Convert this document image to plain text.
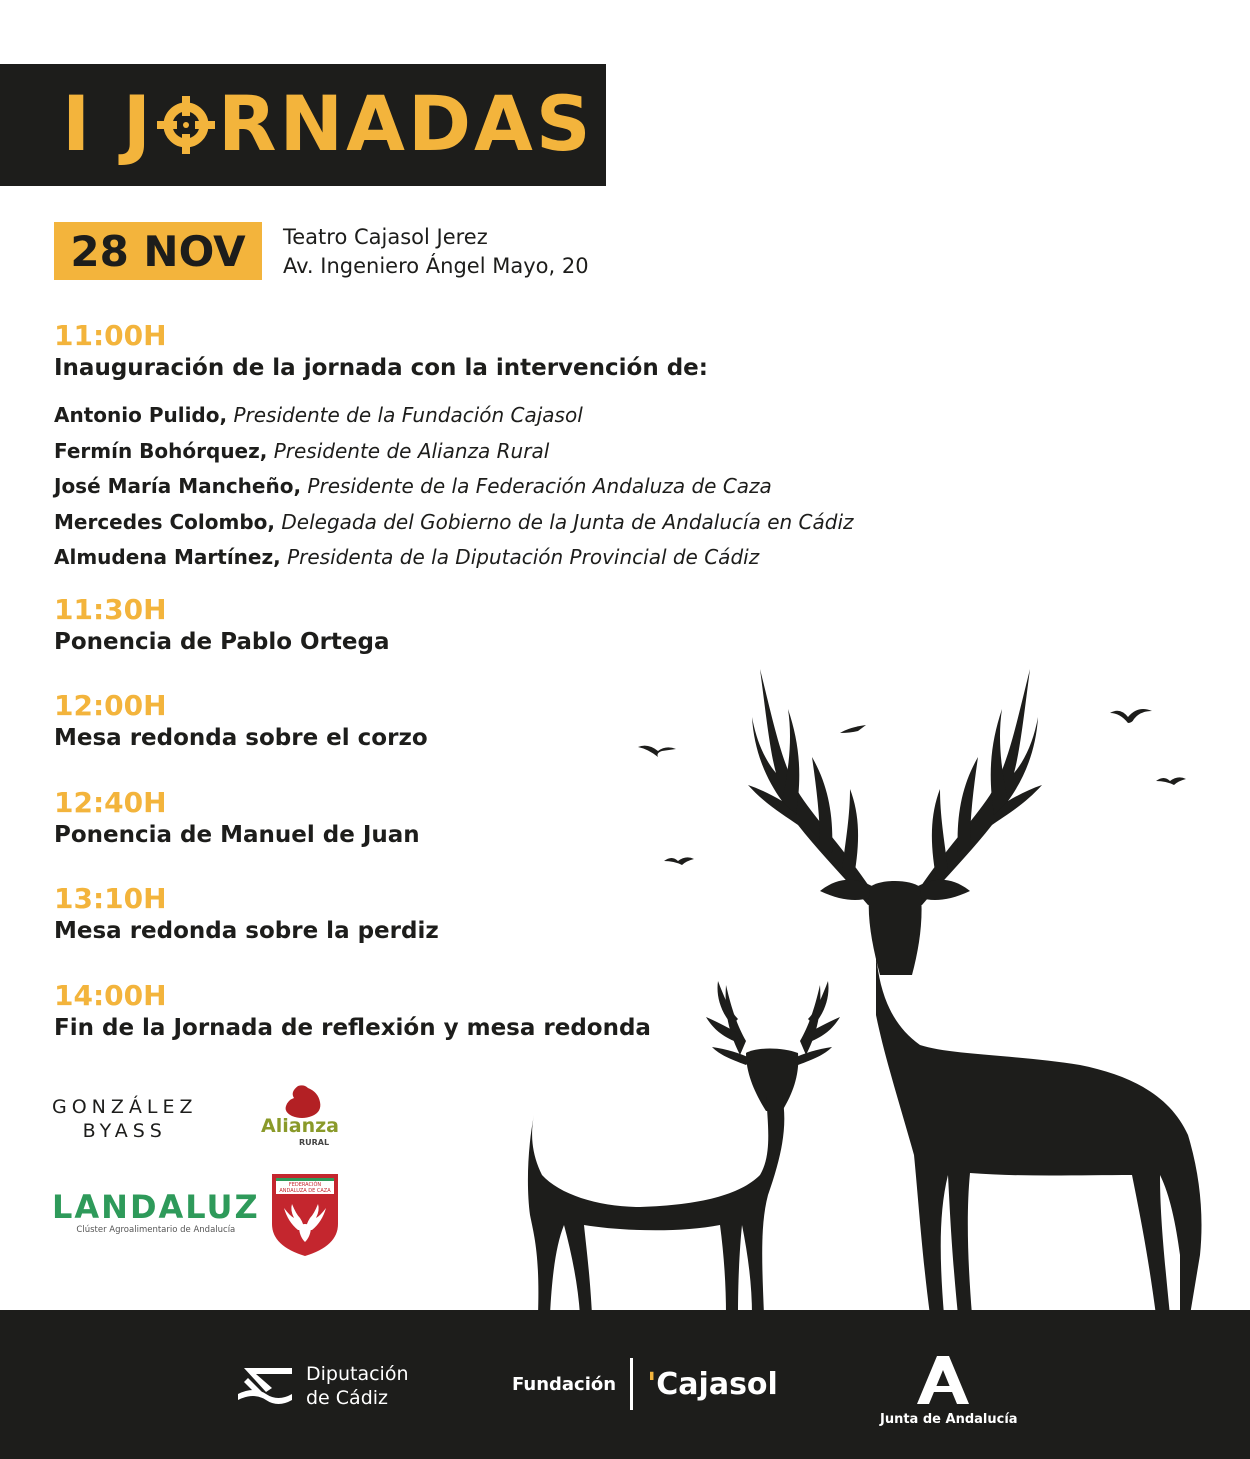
I J RNADAS
28 NOV	Teatro Cajasol Jerez
Av. Ingeniero Ángel Mayo, 20
11:00H
Inauguración de la jornada con la intervención de:
Antonio Pulido, Presidente de la Fundación Cajasol
Fermín Bohórquez, Presidente de Alianza Rural
José María Mancheño, Presidente de la Federación Andaluza de Caza
Mercedes Colombo, Delegada del Gobierno de la Junta de Andalucía en Cádiz
Almudena Martínez, Presidenta de la Diputación Provincial de Cádiz
11:30H
Ponencia de Pablo Ortega
12:00H
Mesa redonda sobre el corzo
12:40H
Ponencia de Manuel de Juan
13:10H
Mesa redonda sobre la perdiz
14:00H
Fin de la Jornada de reflexión y mesa redonda
GONZÁLEZ
BYASS	Alianza
RURAL
LANDALUZ
Clúster Agroalimentario de Andalucía
FEDERACIÓN
ANDALUZA DE CAZA
Diputación
de Cádiz
Fundación 'Cajasol
Junta de Andalucía
